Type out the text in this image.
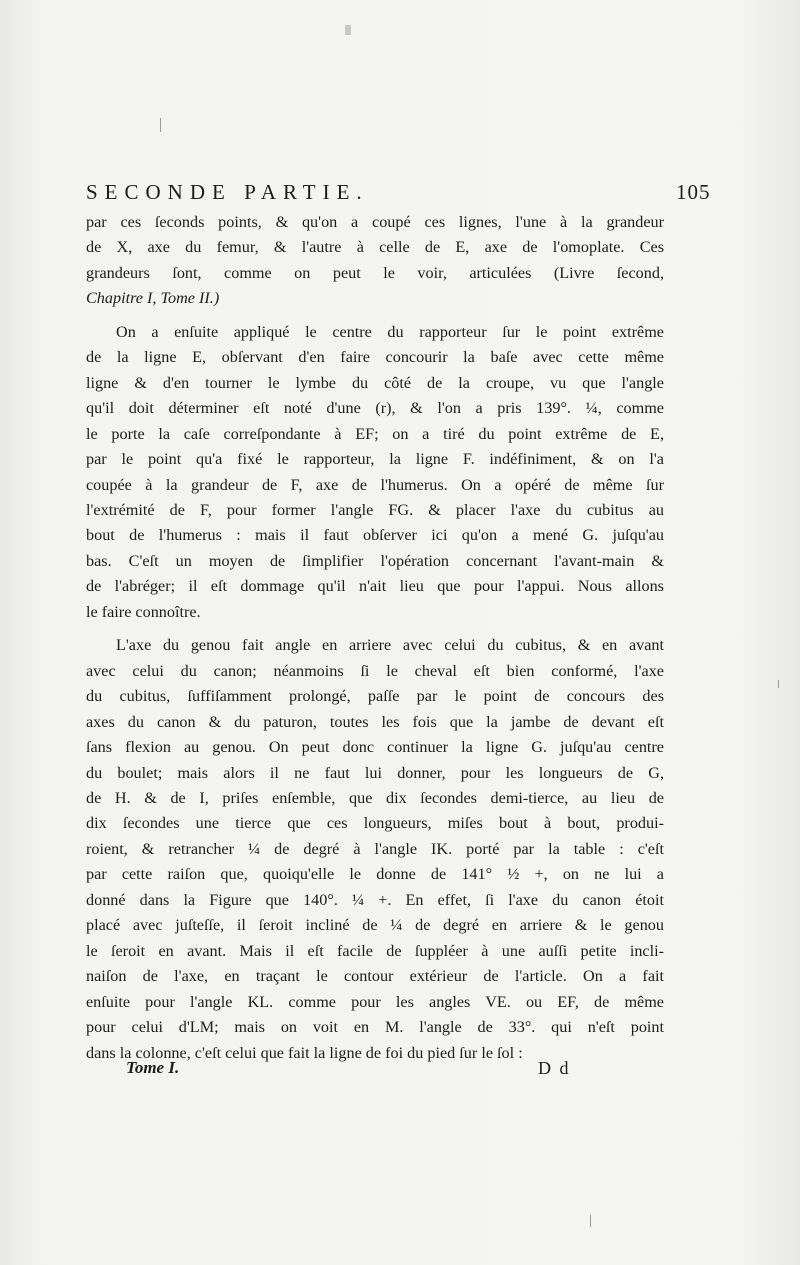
SECONDE PARTIE.	105

par ces ſeconds points, & qu'on a coupé ces lignes, l'une à la grandeur
de X, axe du femur, & l'autre à celle de E, axe de l'omoplate. Ces
grandeurs ſont, comme on peut le voir, articulées (Livre ſecond,
Chapitre I, Tome II.)

On a enſuite appliqué le centre du rapporteur ſur le point extrême
de la ligne E, obſervant d'en faire concourir la baſe avec cette même
ligne & d'en tourner le lymbe du côté de la croupe, vu que l'angle
qu'il doit déterminer eſt noté d'une (r), & l'on a pris 139°. ¼, comme
le porte la caſe correſpondante à EF; on a tiré du point extrême de E,
par le point qu'a fixé le rapporteur, la ligne F. indéfiniment, & on l'a
coupée à la grandeur de F, axe de l'humerus. On a opéré de même ſur
l'extrémité de F, pour former l'angle FG. & placer l'axe du cubitus au
bout de l'humerus : mais il faut obſerver ici qu'on a mené G. juſqu'au
bas. C'eſt un moyen de ſimplifier l'opération concernant l'avant-main &
de l'abréger; il eſt dommage qu'il n'ait lieu que pour l'appui. Nous allons
le faire connoître.

L'axe du genou fait angle en arriere avec celui du cubitus, & en avant
avec celui du canon; néanmoins ſi le cheval eſt bien conformé, l'axe
du cubitus, ſuffiſamment prolongé, paſſe par le point de concours des
axes du canon & du paturon, toutes les fois que la jambe de devant eſt
ſans flexion au genou. On peut donc continuer la ligne G. juſqu'au centre
du boulet; mais alors il ne faut lui donner, pour les longueurs de G,
de H. & de I, priſes enſemble, que dix ſecondes demi-tierce, au lieu de
dix ſecondes une tierce que ces longueurs, miſes bout à bout, produi-
roient, & retrancher ¼ de degré à l'angle IK. porté par la table : c'eſt
par cette raiſon que, quoiqu'elle le donne de 141° ½ +, on ne lui a
donné dans la Figure que 140°. ¼ +. En effet, ſi l'axe du canon étoit
placé avec juſteſſe, il ſeroit incliné de ¼ de degré en arriere & le genou
le ſeroit en avant. Mais il eſt facile de ſuppléer à une auſſi petite incli-
naiſon de l'axe, en traçant le contour extérieur de l'article. On a fait
enſuite pour l'angle KL. comme pour les angles VE. ou EF, de même
pour celui d'LM; mais on voit en M. l'angle de 33°. qui n'eſt point
dans la colonne, c'eſt celui que fait la ligne de foi du pied ſur le ſol :

Tome I.	D d
